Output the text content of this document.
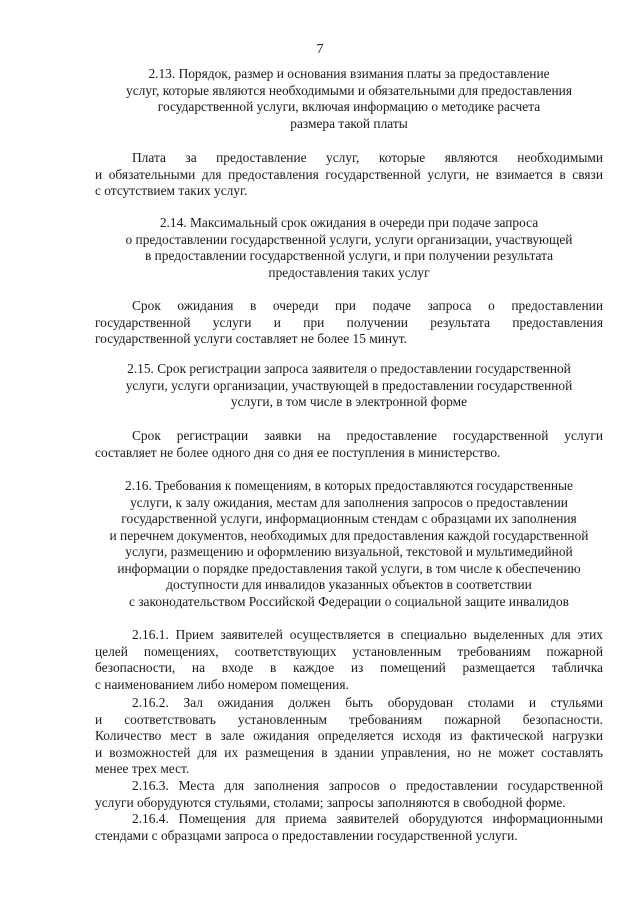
7
2.13. Порядок, размер и основания взимания платы за предоставление
услуг, которые являются необходимыми и обязательными для предоставления
государственной услуги, включая информацию о методике расчета
размера такой платы
Плата за предоставление услуг, которые являются необходимыми
и обязательными для предоставления государственной услуги, не взимается в связи
с отсутствием таких услуг.
2.14. Максимальный срок ожидания в очереди при подаче запроса
о предоставлении государственной услуги, услуги организации, участвующей
в предоставлении государственной услуги, и при получении результата
предоставления таких услуг
Срок ожидания в очереди при подаче запроса о предоставлении
государственной услуги и при получении результата предоставления
государственной услуги составляет не более 15 минут.
2.15. Срок регистрации запроса заявителя о предоставлении государственной
услуги, услуги организации, участвующей в предоставлении государственной
услуги, в том числе в электронной форме
Срок регистрации заявки на предоставление государственной услуги
составляет не более одного дня со дня ее поступления в министерство.
2.16. Требования к помещениям, в которых предоставляются государственные
услуги, к залу ожидания, местам для заполнения запросов о предоставлении
государственной услуги, информационным стендам с образцами их заполнения
и перечнем документов, необходимых для предоставления каждой государственной
услуги, размещению и оформлению визуальной, текстовой и мультимедийной
информации о порядке предоставления такой услуги, в том числе к обеспечению
доступности для инвалидов указанных объектов в соответствии
с законодательством Российской Федерации о социальной защите инвалидов
2.16.1. Прием заявителей осуществляется в специально выделенных для этих
целей помещениях, соответствующих установленным требованиям пожарной
безопасности, на входе в каждое из помещений размещается табличка
с наименованием либо номером помещения.
2.16.2. Зал ожидания должен быть оборудован столами и стульями
и соответствовать установленным требованиям пожарной безопасности.
Количество мест в зале ожидания определяется исходя из фактической нагрузки
и возможностей для их размещения в здании управления, но не может составлять
менее трех мест.
2.16.3. Места для заполнения запросов о предоставлении государственной
услуги оборудуются стульями, столами; запросы заполняются в свободной форме.
2.16.4. Помещения для приема заявителей оборудуются информационными
стендами с образцами запроса о предоставлении государственной услуги.
